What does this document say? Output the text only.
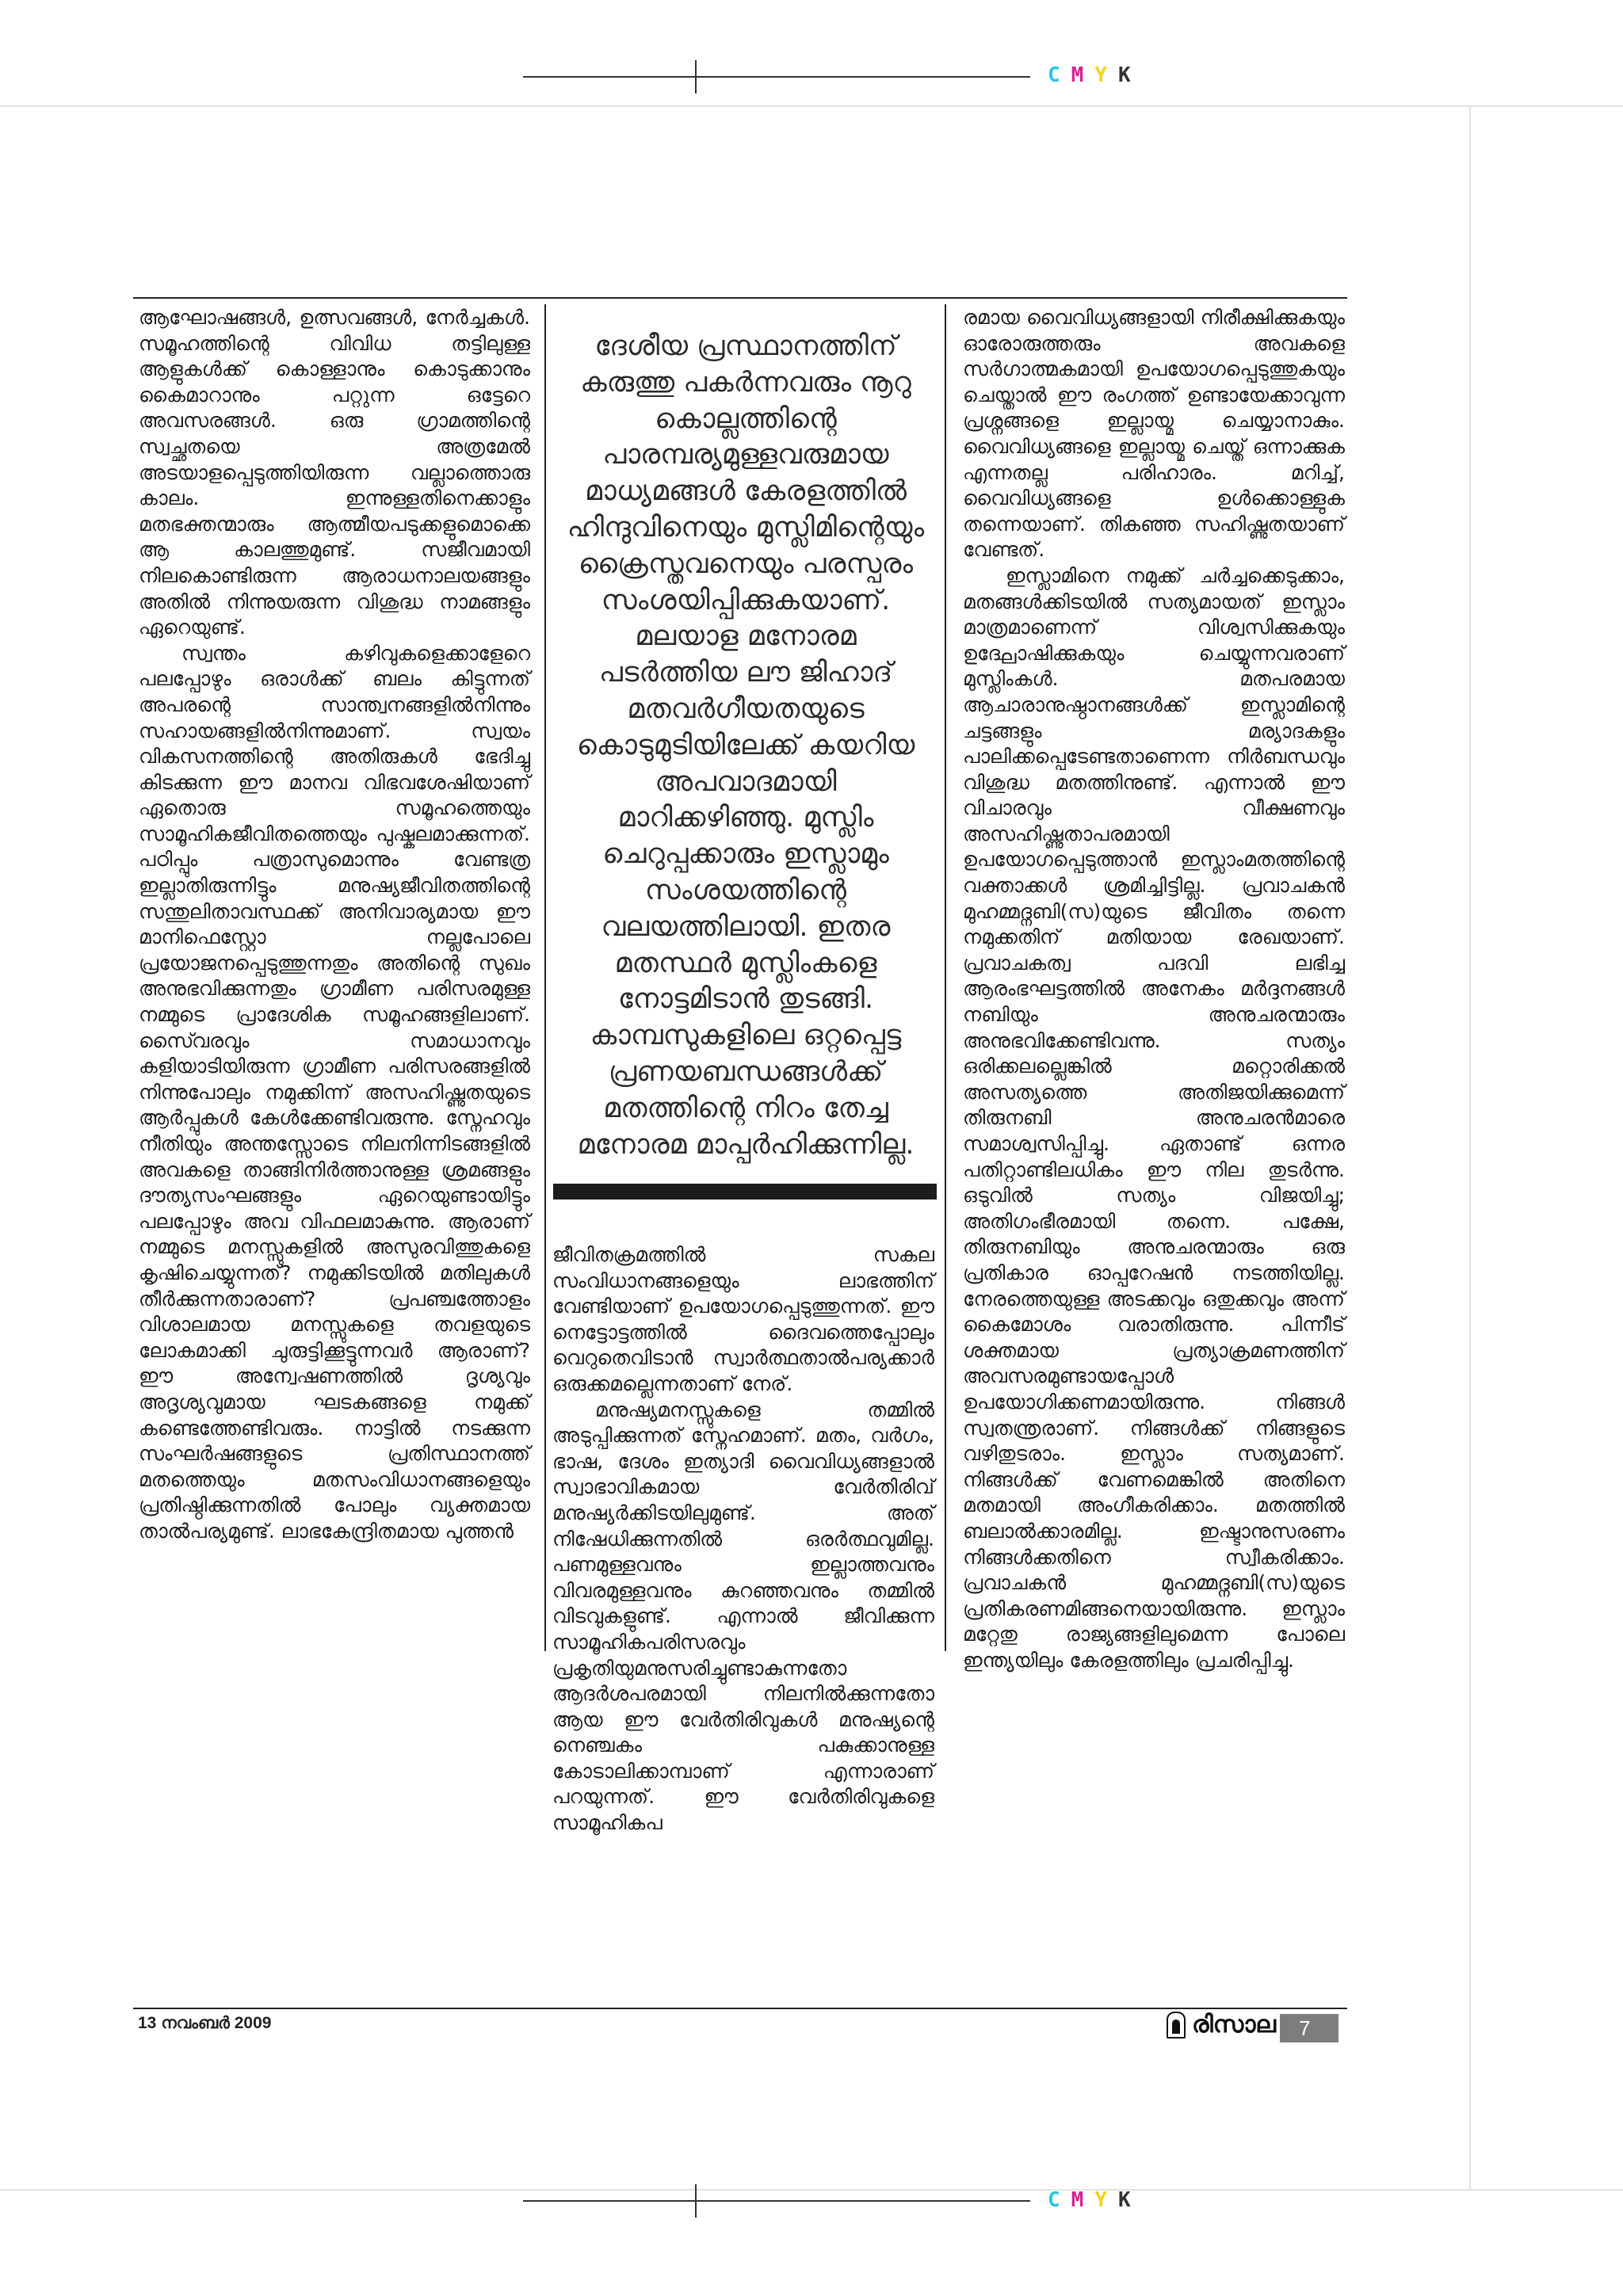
CMYK
CMYK

ആഘോഷങ്ങൾ, ഉത്സവങ്ങൾ, നേർച്ചകൾ. സമൂഹത്തിന്റെ വിവിധ തട്ടിലുള്ള ആളുകൾക്ക് കൊള്ളാനും കൊടുക്കാനും കൈമാറാനും പറ്റുന്ന ഒട്ടേറെ അവസരങ്ങൾ. ഒരു ഗ്രാമത്തിന്റെ സ്വച്ഛതയെ അത്രമേൽ അടയാളപ്പെടുത്തിയിരുന്ന വല്ലാത്തൊരു കാലം. ഇന്നുള്ളതിനെക്കാളും മതഭക്തന്മാരും ആത്മീയപടുക്കളുമൊക്കെ ആ കാലത്തുമുണ്ട്. സജീവമായി നിലകൊണ്ടിരുന്ന ആരാധനാലയങ്ങളും അതിൽ നിന്നുയരുന്ന വിശുദ്ധ നാമങ്ങളും ഏറെയുണ്ട്.

സ്വന്തം കഴിവുകളെക്കാളേറെ പലപ്പോഴും ഒരാൾക്ക് ബലം കിട്ടുന്നത് അപരന്റെ സാന്ത്വനങ്ങളിൽനിന്നും സഹായങ്ങളിൽനിന്നുമാണ്. സ്വയം വികസനത്തിന്റെ അതിരുകൾ ഭേദിച്ചു കിടക്കുന്ന ഈ മാനവ വിഭവശേഷിയാണ് ഏതൊരു സമൂഹത്തെയും സാമൂഹികജീവിതത്തെയും പുഷ്കലമാക്കുന്നത്. പഠിപ്പും പത്രാസുമൊന്നും വേണ്ടത്ര ഇല്ലാതിരുന്നിട്ടും മനുഷ്യജീവിതത്തിന്റെ സന്തുലിതാവസ്ഥക്ക് അനിവാര്യമായ ഈ മാനിഫെസ്റ്റോ നല്ലപോലെ പ്രയോജനപ്പെടുത്തുന്നതും അതിന്റെ സുഖം അനുഭവിക്കുന്നതും ഗ്രാമീണ പരിസരമുള്ള നമ്മുടെ പ്രാദേശിക സമൂഹങ്ങളിലാണ്. സൈ്വരവും സമാധാനവും കളിയാടിയിരുന്ന ഗ്രാമീണ പരിസരങ്ങളിൽ നിന്നുപോലും നമുക്കിന്ന് അസഹിഷ്ണുതയുടെ ആർപ്പുകൾ കേൾക്കേണ്ടിവരുന്നു. സ്നേഹവും നീതിയും അന്തസ്സോടെ നിലനിന്നിടങ്ങളിൽ അവകളെ താങ്ങിനിർത്താനുള്ള ശ്രമങ്ങളും ദൗത്യസംഘങ്ങളും ഏറെയുണ്ടായിട്ടും പലപ്പോഴും അവ വിഫലമാകുന്നു. ആരാണ് നമ്മുടെ മനസ്സുകളിൽ അസുരവിത്തുകളെ കൃഷിചെയ്യുന്നത്? നമുക്കിടയിൽ മതിലുകൾ തീർക്കുന്നതാരാണ്? പ്രപഞ്ചത്തോളം വിശാലമായ മനസ്സുകളെ തവളയുടെ ലോകമാക്കി ചുരുട്ടിക്കൂട്ടുന്നവർ ആരാണ്? ഈ അന്വേഷണത്തിൽ ദൃശ്യവും അദൃശ്യവുമായ ഘടകങ്ങളെ നമുക്ക് കണ്ടെത്തേണ്ടിവരും. നാട്ടിൽ നടക്കുന്ന സംഘർഷങ്ങളുടെ പ്രതിസ്ഥാനത്ത് മതത്തെയും മതസംവിധാനങ്ങളെയും പ്രതിഷ്ഠിക്കുന്നതിൽ പോലും വ്യക്തമായ താൽപര്യമുണ്ട്. ലാഭകേന്ദ്രിതമായ പുത്തൻ

ദേശീയ പ്രസ്ഥാനത്തിന് കരുത്തു പകർന്നവരും നൂറു കൊല്ലത്തിന്റെ പാരമ്പര്യമുള്ളവരുമായ മാധ്യമങ്ങൾ കേരളത്തിൽ ഹിന്ദുവിനെയും മുസ്ലിമിന്റെയും ക്രൈസ്തവനെയും പരസ്പരം സംശയിപ്പിക്കുകയാണ്. മലയാള മനോരമ പടർത്തിയ ലൗ ജിഹാദ് മതവർഗീയതയുടെ കൊടുമുടിയിലേക്ക് കയറിയ അപവാദമായി മാറിക്കഴിഞ്ഞു. മുസ്ലിം ചെറുപ്പക്കാരും ഇസ്ലാമും സംശയത്തിന്റെ വലയത്തിലായി. ഇതര മതസ്ഥർ മുസ്ലിംകളെ നോട്ടമിടാൻ തുടങ്ങി. കാമ്പസുകളിലെ ഒറ്റപ്പെട്ട പ്രണയബന്ധങ്ങൾക്ക് മതത്തിന്റെ നിറം തേച്ച മനോരമ മാപ്പർഹിക്കുന്നില്ല.

ജീവിതക്രമത്തിൽ സകല സംവിധാനങ്ങളെയും ലാഭത്തിന് വേണ്ടിയാണ് ഉപയോഗപ്പെടുത്തുന്നത്. ഈ നെട്ടോട്ടത്തിൽ ദൈവത്തെപ്പോലും വെറുതെവിടാൻ സ്വാർത്ഥതാൽപര്യക്കാർ ഒരുക്കമല്ലെന്നതാണ് നേര്.

മനുഷ്യമനസ്സുകളെ തമ്മിൽ അടുപ്പിക്കുന്നത് സ്നേഹമാണ്. മതം, വർഗം, ഭാഷ, ദേശം ഇത്യാദി വൈവിധ്യങ്ങളാൽ സ്വാഭാവികമായ വേർതിരിവ് മനുഷ്യർക്കിടയിലുമുണ്ട്. അത് നിഷേധിക്കുന്നതിൽ ഒരർത്ഥവുമില്ല. പണമുള്ളവനും ഇല്ലാത്തവനും വിവരമുള്ളവനും കുറഞ്ഞവനും തമ്മിൽ വിടവുകളുണ്ട്. എന്നാൽ ജീവിക്കുന്ന സാമൂഹികപരിസരവും പ്രകൃതിയുമനുസരിച്ചുണ്ടാകുന്നതോ ആദർശപരമായി നിലനിൽക്കുന്നതോ ആയ ഈ വേർതിരിവുകൾ മനുഷ്യന്റെ നെഞ്ചകം പകുക്കാനുള്ള കോടാലിക്കാമ്പാണ് എന്നാരാണ് പറയുന്നത്. ഈ വേർതിരിവുകളെ സാമൂഹികപ

രമായ വൈവിധ്യങ്ങളായി നിരീക്ഷിക്കുകയും ഓരോരുത്തരും അവകളെ സർഗാത്മകമായി ഉപയോഗപ്പെടുത്തുകയും ചെയ്താൽ ഈ രംഗത്ത് ഉണ്ടായേക്കാവുന്ന പ്രശ്നങ്ങളെ ഇല്ലായ്മ ചെയ്യാനാകും. വൈവിധ്യങ്ങളെ ഇല്ലായ്മ ചെയ്ത് ഒന്നാക്കുക എന്നതല്ല പരിഹാരം. മറിച്ച്, വൈവിധ്യങ്ങളെ ഉൾക്കൊള്ളുക തന്നെയാണ്. തികഞ്ഞ സഹിഷ്ണുതയാണ് വേണ്ടത്.

ഇസ്ലാമിനെ നമുക്ക് ചർച്ചക്കെടുക്കാം, മതങ്ങൾക്കിടയിൽ സത്യമായത് ഇസ്ലാം മാത്രമാണെന്ന് വിശ്വസിക്കുകയും ഉദ്ഘോഷിക്കുകയും ചെയ്യുന്നവരാണ് മുസ്ലിംകൾ. മതപരമായ ആചാരാനുഷ്ഠാനങ്ങൾക്ക് ഇസ്ലാമിന്റെ ചട്ടങ്ങളും മര്യാദകളും പാലിക്കപ്പെടേണ്ടതാണെന്ന നിർബന്ധവും വിശുദ്ധ മതത്തിനുണ്ട്. എന്നാൽ ഈ വിചാരവും വീക്ഷണവും അസഹിഷ്ണുതാപരമായി ഉപയോഗപ്പെടുത്താൻ ഇസ്ലാംമതത്തിന്റെ വക്താക്കൾ ശ്രമിച്ചിട്ടില്ല. പ്രവാചകൻ മുഹമ്മദ്നബി(സ)യുടെ ജീവിതം തന്നെ നമുക്കതിന് മതിയായ രേഖയാണ്. പ്രവാചകത്വ പദവി ലഭിച്ച ആരംഭഘട്ടത്തിൽ അനേകം മർദ്ദനങ്ങൾ നബിയും അനുചരന്മാരും അനുഭവിക്കേണ്ടിവന്നു. സത്യം ഒരിക്കലല്ലെങ്കിൽ മറ്റൊരിക്കൽ അസത്യത്തെ അതിജയിക്കുമെന്ന് തിരുനബി അനുചരൻമാരെ സമാശ്വസിപ്പിച്ചു. ഏതാണ്ട് ഒന്നര പതിറ്റാണ്ടിലധികം ഈ നില തുടർന്നു. ഒടുവിൽ സത്യം വിജയിച്ചു; അതിഗംഭീരമായി തന്നെ. പക്ഷേ, തിരുനബിയും അനുചരന്മാരും ഒരു പ്രതികാര ഓപ്പറേഷൻ നടത്തിയില്ല. നേരത്തെയുള്ള അടക്കവും ഒതുക്കവും അന്ന് കൈമോശം വരാതിരുന്നു. പിന്നീട് ശക്തമായ പ്രത്യാക്രമണത്തിന് അവസരമുണ്ടായപ്പോൾ ഉപയോഗിക്കണമായിരുന്നു. നിങ്ങൾ സ്വതന്ത്രരാണ്. നിങ്ങൾക്ക് നിങ്ങളുടെ വഴിതുടരാം. ഇസ്ലാം സത്യമാണ്. നിങ്ങൾക്ക് വേണമെങ്കിൽ അതിനെ മതമായി അംഗീകരിക്കാം. മതത്തിൽ ബലാൽക്കാരമില്ല. ഇഷ്ടാനുസരണം നിങ്ങൾക്കതിനെ സ്വീകരിക്കാം. പ്രവാചകൻ മുഹമ്മദ്നബി(സ)യുടെ പ്രതികരണമിങ്ങനെയായിരുന്നു. ഇസ്ലാം മറ്റേതു രാജ്യങ്ങളിലുമെന്ന പോലെ ഇന്ത്യയിലും കേരളത്തിലും പ്രചരിപ്പിച്ചു.

13 നവംബർ 2009	രിസാല	7
